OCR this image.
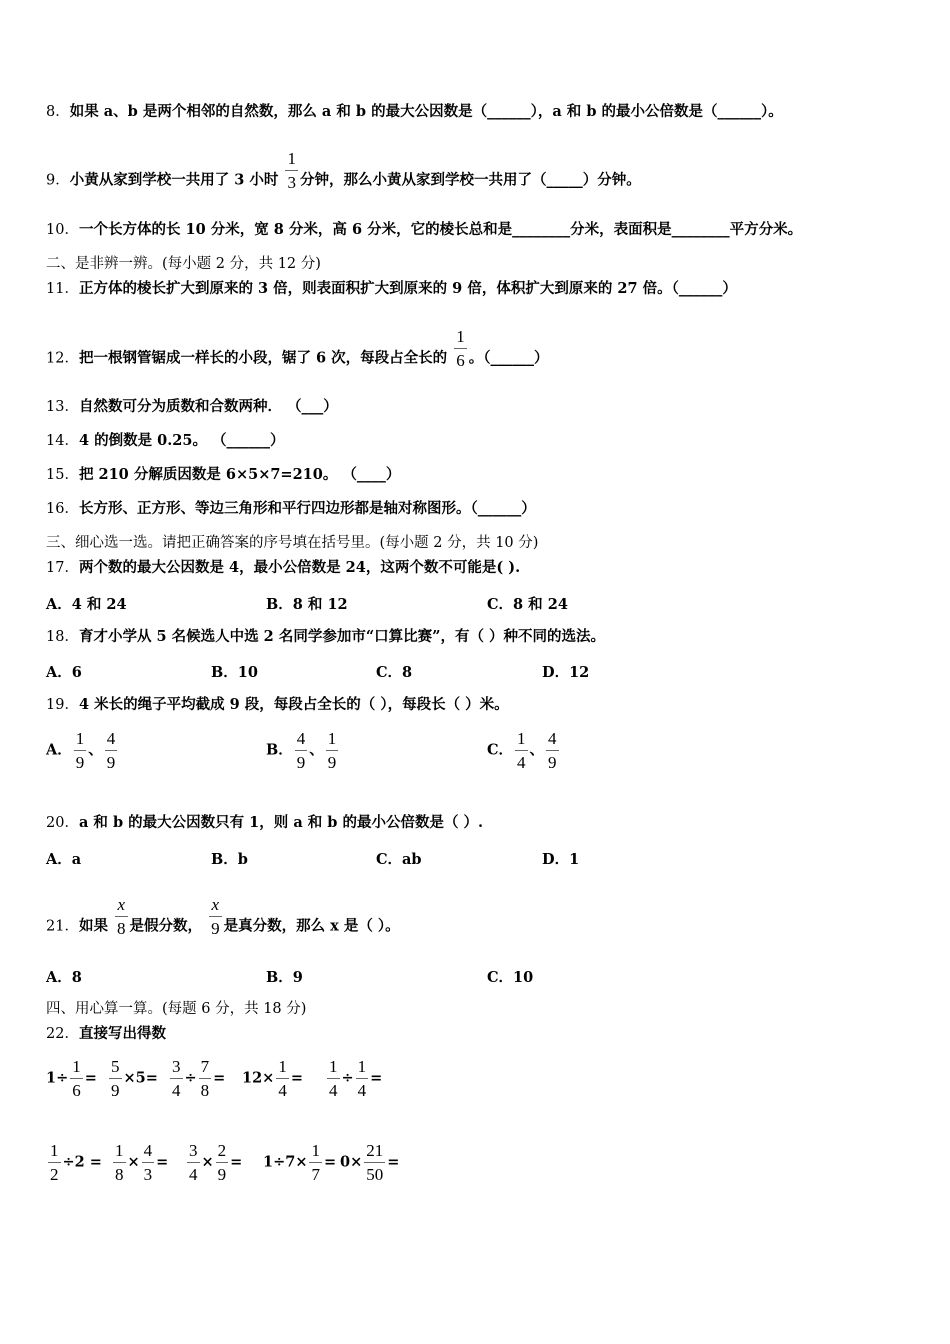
8．如果 a、b 是两个相邻的自然数，那么 a 和 b 的最大公因数是（______），a 和 b 的最小公倍数是（______）。
9．小黄从家到学校一共用了 3 小时 $\frac{1}{3}$ 分钟，那么小黄从家到学校一共用了（_____）分钟。
10．一个长方体的长 10 分米，宽 8 分米，高 6 分米，它的棱长总和是________分米，表面积是________平方分米。
二、是非辨一辨。(每小题 2 分，共 12 分)
11．正方体的棱长扩大到原来的 3 倍，则表面积扩大到原来的 9 倍，体积扩大到原来的 27 倍。（______）
12．把一根钢管锯成一样长的小段，锯了 6 次，每段占全长的 $\frac{1}{6}$ 。（______）
13．自然数可分为质数和合数两种． （___）
14．4 的倒数是 0.25。 （______）
15．把 210 分解质因数是 6×5×7=210。 （____）
16．长方形、正方形、等边三角形和平行四边形都是轴对称图形。（______）
三、细心选一选。请把正确答案的序号填在括号里。(每小题 2 分，共 10 分)
17．两个数的最大公因数是 4，最小公倍数是 24，这两个数不可能是( ).
A．4 和 24	B．8 和 12	C．8 和 24
18．育才小学从 5 名候选人中选 2 名同学参加市“口算比赛”，有（ ）种不同的选法。
A．6	B．10	C．8	D．12
19．4 米长的绳子平均截成 9 段，每段占全长的（ ），每段长（ ）米。
A． $\frac{1}{9}$ 、 $\frac{4}{9}$	B． $\frac{4}{9}$ 、 $\frac{1}{9}$	C． $\frac{1}{4}$ 、 $\frac{4}{9}$
20．a 和 b 的最大公因数只有 1，则 a 和 b 的最小公倍数是（ ）.
A．a	B．b	C．ab	D．1
21．如果 $\frac{x}{8}$ 是假分数， $\frac{x}{9}$ 是真分数，那么 x 是（ ）。
A．8	B．9	C．10
四、用心算一算。(每题 6 分，共 18 分)
22．直接写出得数
$1\div \frac{1}{6} = \frac{5}{9} \times 5= \frac{3}{4} \div \frac{7}{8} = 12\times \frac{1}{4} = \frac{1}{4} \div \frac{1}{4}$ =
$\frac{1}{2} \div 2 = \frac{1}{8} \times \frac{4}{3} = \frac{3}{4} \times \frac{2}{9} = 1\div 7\times \frac{1}{7} = 0\times \frac{21}{50}$ =
